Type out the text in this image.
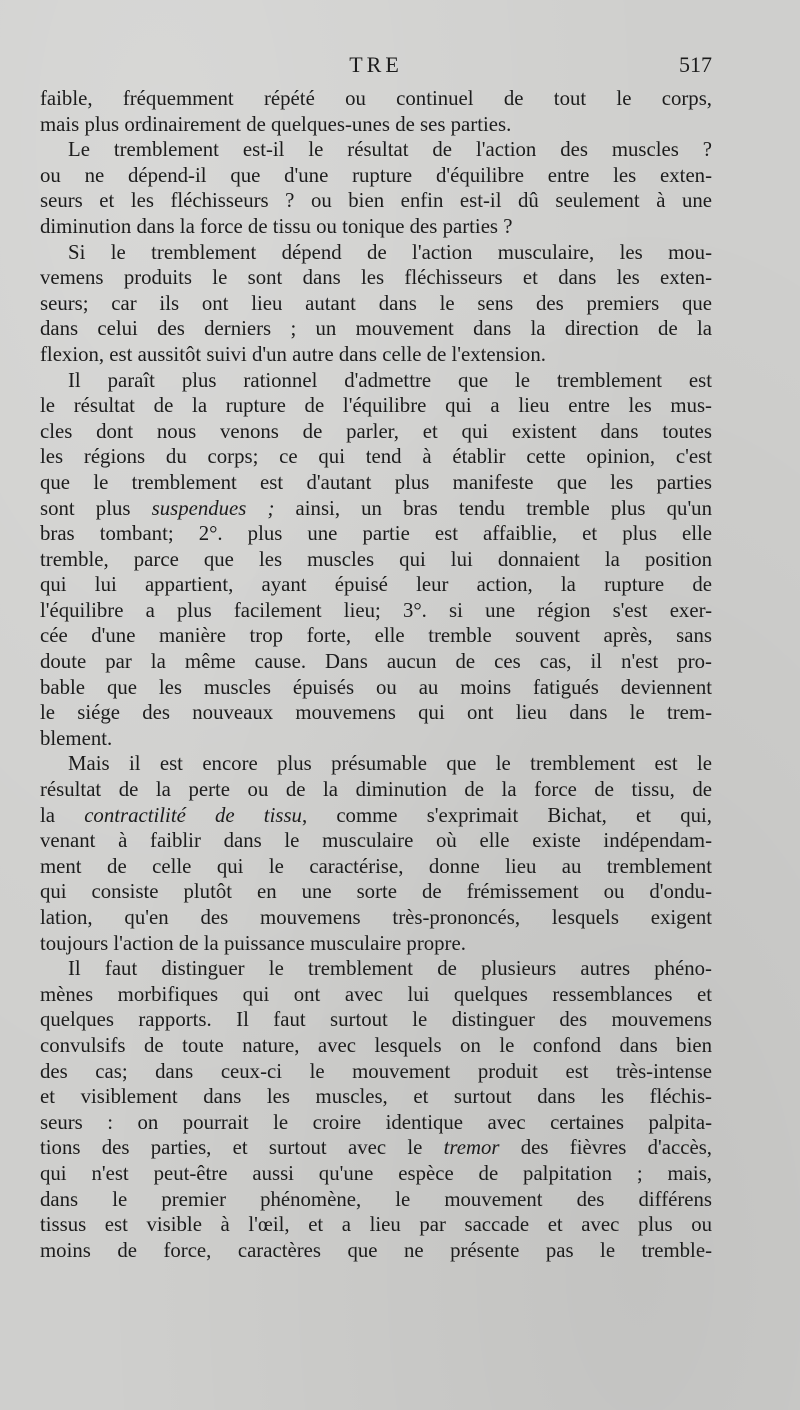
TRE	517
faible, fréquemment répété ou continuel de tout le corps,
mais plus ordinairement de quelques-unes de ses parties.
Le tremblement est-il le résultat de l'action des muscles ?
ou ne dépend-il que d'une rupture d'équilibre entre les exten-
seurs et les fléchisseurs ? ou bien enfin est-il dû seulement à une
diminution dans la force de tissu ou tonique des parties ?
Si le tremblement dépend de l'action musculaire, les mou-
vemens produits le sont dans les fléchisseurs et dans les exten-
seurs; car ils ont lieu autant dans le sens des premiers que
dans celui des derniers ; un mouvement dans la direction de la
flexion, est aussitôt suivi d'un autre dans celle de l'extension.
Il paraît plus rationnel d'admettre que le tremblement est
le résultat de la rupture de l'équilibre qui a lieu entre les mus-
cles dont nous venons de parler, et qui existent dans toutes
les régions du corps; ce qui tend à établir cette opinion, c'est
que le tremblement est d'autant plus manifeste que les parties
sont plus suspendues ; ainsi, un bras tendu tremble plus qu'un
bras tombant; 2°. plus une partie est affaiblie, et plus elle
tremble, parce que les muscles qui lui donnaient la position
qui lui appartient, ayant épuisé leur action, la rupture de
l'équilibre a plus facilement lieu; 3°. si une région s'est exer-
cée d'une manière trop forte, elle tremble souvent après, sans
doute par la même cause. Dans aucun de ces cas, il n'est pro-
bable que les muscles épuisés ou au moins fatigués deviennent
le siége des nouveaux mouvemens qui ont lieu dans le trem-
blement.
Mais il est encore plus présumable que le tremblement est le
résultat de la perte ou de la diminution de la force de tissu, de
la contractilité de tissu, comme s'exprimait Bichat, et qui,
venant à faiblir dans le musculaire où elle existe indépendam-
ment de celle qui le caractérise, donne lieu au tremblement
qui consiste plutôt en une sorte de frémissement ou d'ondu-
lation, qu'en des mouvemens très-prononcés, lesquels exigent
toujours l'action de la puissance musculaire propre.
Il faut distinguer le tremblement de plusieurs autres phéno-
mènes morbifiques qui ont avec lui quelques ressemblances et
quelques rapports. Il faut surtout le distinguer des mouvemens
convulsifs de toute nature, avec lesquels on le confond dans bien
des cas; dans ceux-ci le mouvement produit est très-intense
et visiblement dans les muscles, et surtout dans les fléchis-
seurs : on pourrait le croire identique avec certaines palpita-
tions des parties, et surtout avec le tremor des fièvres d'accès,
qui n'est peut-être aussi qu'une espèce de palpitation ; mais,
dans le premier phénomène, le mouvement des différens
tissus est visible à l'œil, et a lieu par saccade et avec plus ou
moins de force, caractères que ne présente pas le tremble-
